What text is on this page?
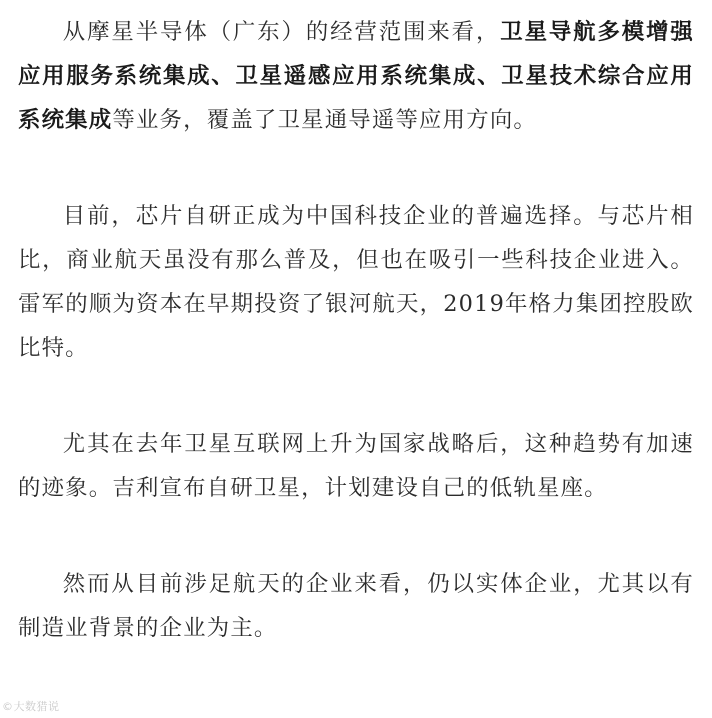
从摩星半导体（广东）的经营范围来看，卫星导航多模增强应用服务系统集成、卫星遥感应用系统集成、卫星技术综合应用系统集成等业务，覆盖了卫星通导遥等应用方向。

目前，芯片自研正成为中国科技企业的普遍选择。与芯片相比，商业航天虽没有那么普及，但也在吸引一些科技企业进入。雷军的顺为资本在早期投资了银河航天，2019年格力集团控股欧比特。

尤其在去年卫星互联网上升为国家战略后，这种趋势有加速的迹象。吉利宣布自研卫星，计划建设自己的低轨星座。

然而从目前涉足航天的企业来看，仍以实体企业，尤其以有制造业背景的企业为主。

©大数猎说
